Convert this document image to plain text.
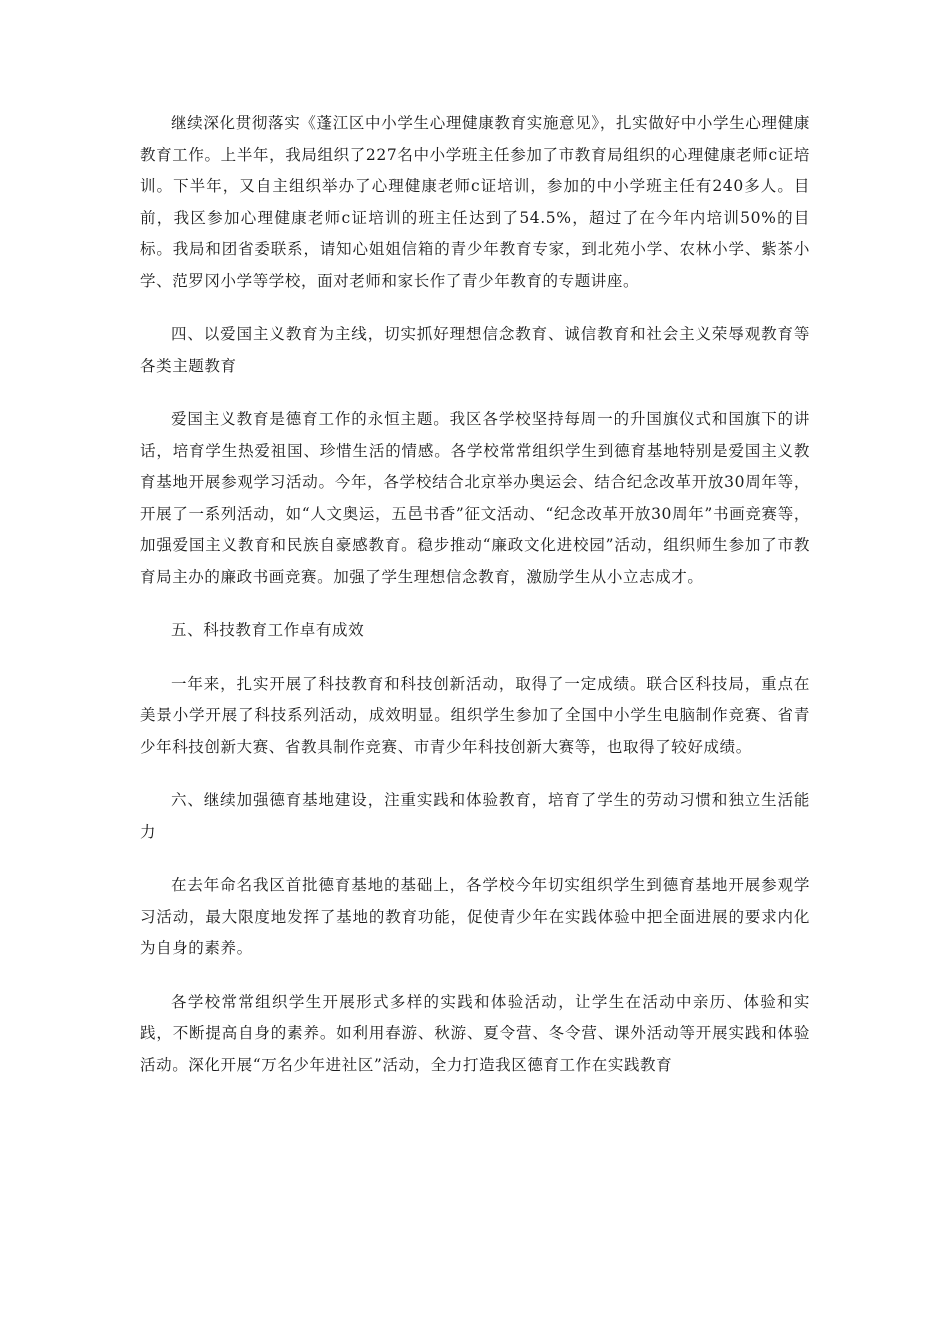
继续深化贯彻落实《蓬江区中小学生心理健康教育实施意见》，扎实做好中小学生心理健康教育工作。上半年，我局组织了227名中小学班主任参加了市教育局组织的心理健康老师c证培训。下半年，又自主组织举办了心理健康老师c证培训，参加的中小学班主任有240多人。目前，我区参加心理健康老师c证培训的班主任达到了54.5%，超过了在今年内培训50%的目标。我局和团省委联系，请知心姐姐信箱的青少年教育专家，到北苑小学、农林小学、紫茶小学、范罗冈小学等学校，面对老师和家长作了青少年教育的专题讲座。

四、以爱国主义教育为主线，切实抓好理想信念教育、诚信教育和社会主义荣辱观教育等各类主题教育

爱国主义教育是德育工作的永恒主题。我区各学校坚持每周一的升国旗仪式和国旗下的讲话，培育学生热爱祖国、珍惜生活的情感。各学校常常组织学生到德育基地特别是爱国主义教育基地开展参观学习活动。今年，各学校结合北京举办奥运会、结合纪念改革开放30周年等，开展了一系列活动，如“人文奥运，五邑书香”征文活动、“纪念改革开放30周年”书画竞赛等，加强爱国主义教育和民族自豪感教育。稳步推动“廉政文化进校园”活动，组织师生参加了市教育局主办的廉政书画竞赛。加强了学生理想信念教育，激励学生从小立志成才。

五、科技教育工作卓有成效

一年来，扎实开展了科技教育和科技创新活动，取得了一定成绩。联合区科技局，重点在美景小学开展了科技系列活动，成效明显。组织学生参加了全国中小学生电脑制作竞赛、省青少年科技创新大赛、省教具制作竞赛、市青少年科技创新大赛等，也取得了较好成绩。

六、继续加强德育基地建设，注重实践和体验教育，培育了学生的劳动习惯和独立生活能力

在去年命名我区首批德育基地的基础上，各学校今年切实组织学生到德育基地开展参观学习活动，最大限度地发挥了基地的教育功能，促使青少年在实践体验中把全面进展的要求内化为自身的素养。

各学校常常组织学生开展形式多样的实践和体验活动，让学生在活动中亲历、体验和实践，不断提高自身的素养。如利用春游、秋游、夏令营、冬令营、课外活动等开展实践和体验活动。深化开展“万名少年进社区”活动，全力打造我区德育工作在实践教育
